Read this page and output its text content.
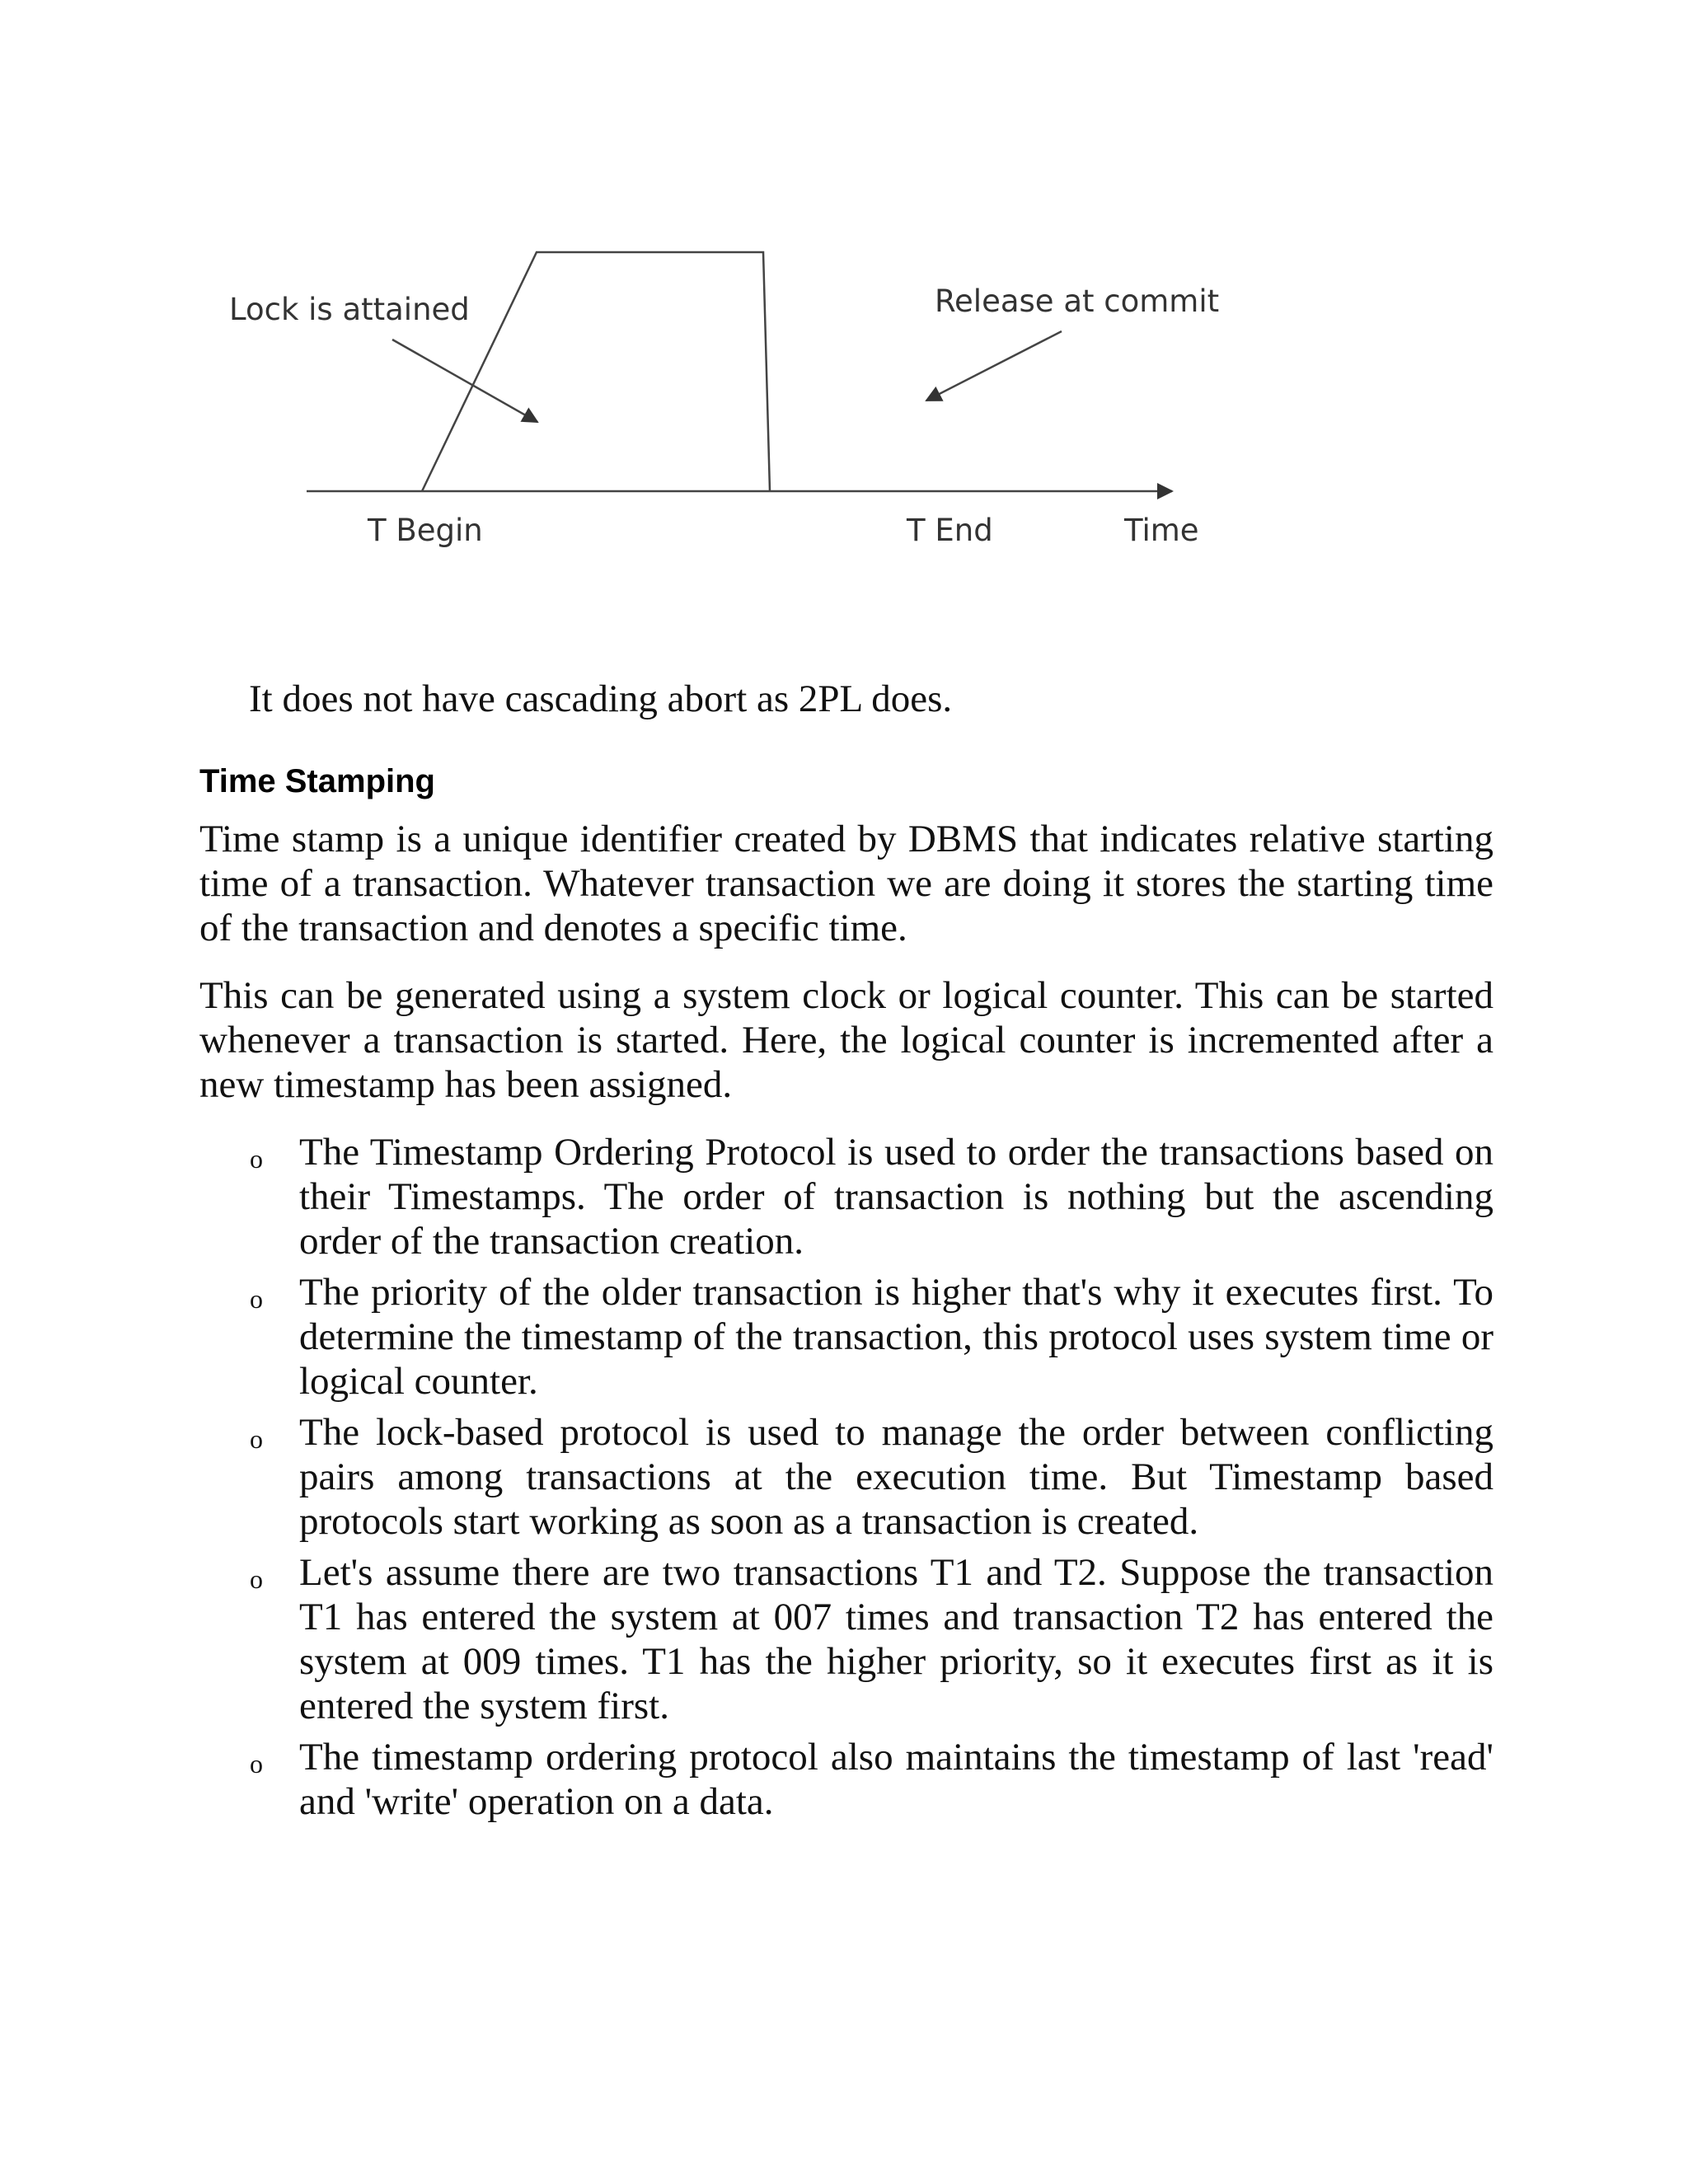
Lock is attained	Release at commit
T Begin	T End	Time

It does not have cascading abort as 2PL does.

Time Stamping

Time stamp is a unique identifier created by DBMS that indicates relative starting time of a transaction. Whatever transaction we are doing it stores the starting time of the transaction and denotes a specific time.

This can be generated using a system clock or logical counter. This can be started whenever a transaction is started. Here, the logical counter is incremented after a new timestamp has been assigned.

o The Timestamp Ordering Protocol is used to order the transactions based on their Timestamps. The order of transaction is nothing but the ascending order of the transaction creation.
o The priority of the older transaction is higher that's why it executes first. To determine the timestamp of the transaction, this protocol uses system time or logical counter.
o The lock-based protocol is used to manage the order between conflicting pairs among transactions at the execution time. But Timestamp based protocols start working as soon as a transaction is created.
o Let's assume there are two transactions T1 and T2. Suppose the transaction T1 has entered the system at 007 times and transaction T2 has entered the system at 009 times. T1 has the higher priority, so it executes first as it is entered the system first.
o The timestamp ordering protocol also maintains the timestamp of last 'read' and 'write' operation on a data.
